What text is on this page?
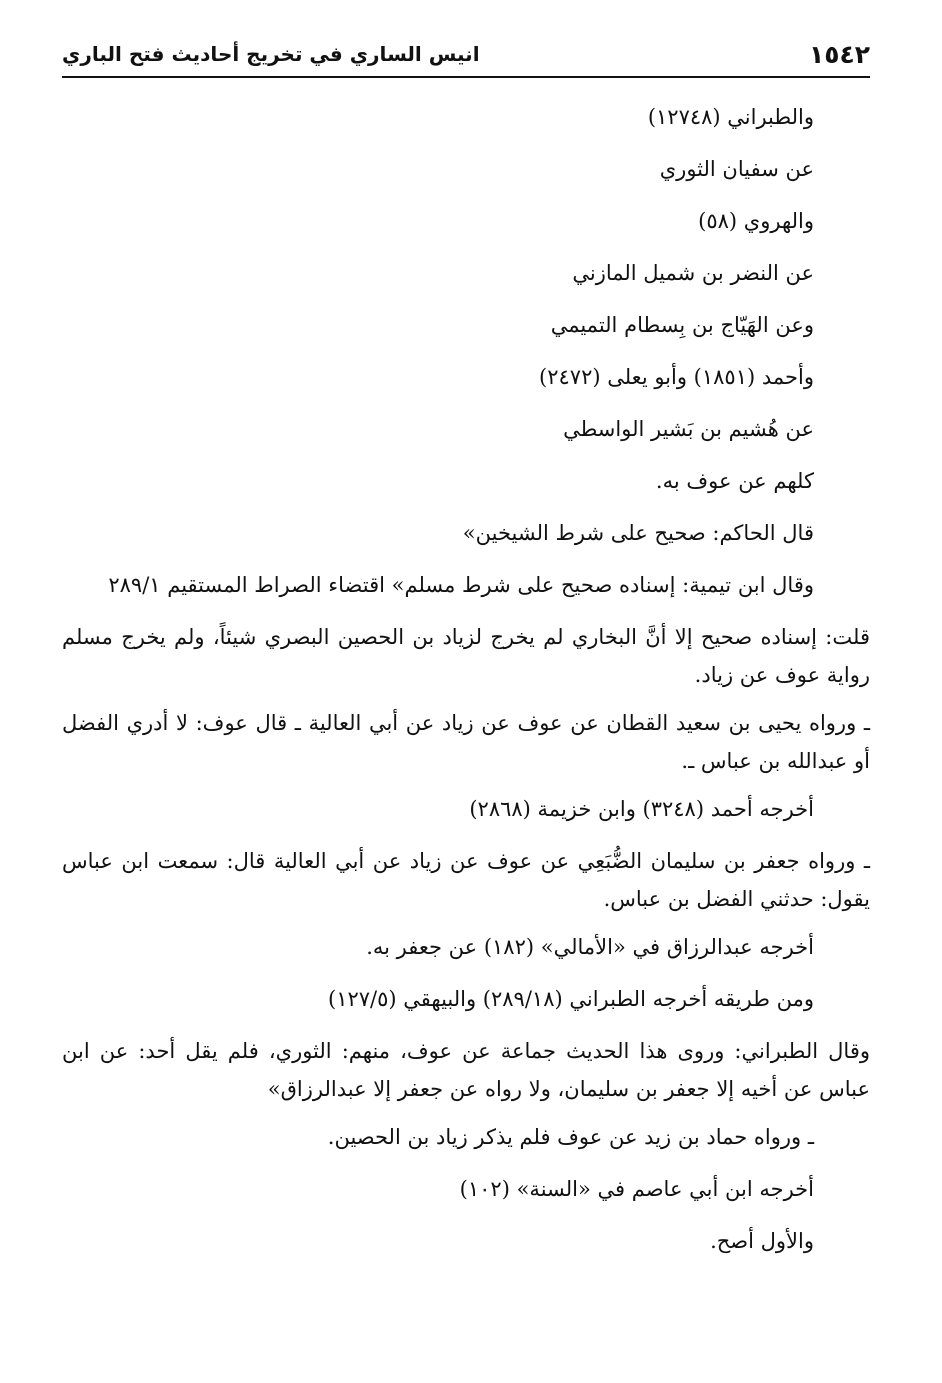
١٥٤٢
انيس الساري في تخريج أحاديث فتح الباري
والطبراني (١٢٧٤٨)
عن سفيان الثوري
والهروي (٥٨)
عن النضر بن شميل المازني
وعن الهَيّاج بن بِسطام التميمي
وأحمد (١٨٥١) وأبو يعلى (٢٤٧٢)
عن هُشيم بن بَشير الواسطي
كلهم عن عوف به.
قال الحاكم: صحيح على شرط الشيخين»
وقال ابن تيمية: إسناده صحيح على شرط مسلم» اقتضاء الصراط المستقيم ٢٨٩/١
قلت: إسناده صحيح إلا أنَّ البخاري لم يخرج لزياد بن الحصين البصري شيئاً، ولم يخرج مسلم رواية عوف عن زياد.
ـ ورواه يحيى بن سعيد القطان عن عوف عن زياد عن أبي العالية ـ قال عوف: لا أدري الفضل أو عبدالله بن عباس ـ.
أخرجه أحمد (٣٢٤٨) وابن خزيمة (٢٨٦٨)
ـ ورواه جعفر بن سليمان الضُّبَعِي عن عوف عن زياد عن أبي العالية قال: سمعت ابن عباس يقول: حدثني الفضل بن عباس.
أخرجه عبدالرزاق في «الأمالي» (١٨٢) عن جعفر به.
ومن طريقه أخرجه الطبراني (٢٨٩/١٨) والبيهقي (١٢٧/٥)
وقال الطبراني: وروى هذا الحديث جماعة عن عوف، منهم: الثوري، فلم يقل أحد: عن ابن عباس عن أخيه إلا جعفر بن سليمان، ولا رواه عن جعفر إلا عبدالرزاق»
ـ ورواه حماد بن زيد عن عوف فلم يذكر زياد بن الحصين.
أخرجه ابن أبي عاصم في «السنة» (١٠٢)
والأول أصح.
